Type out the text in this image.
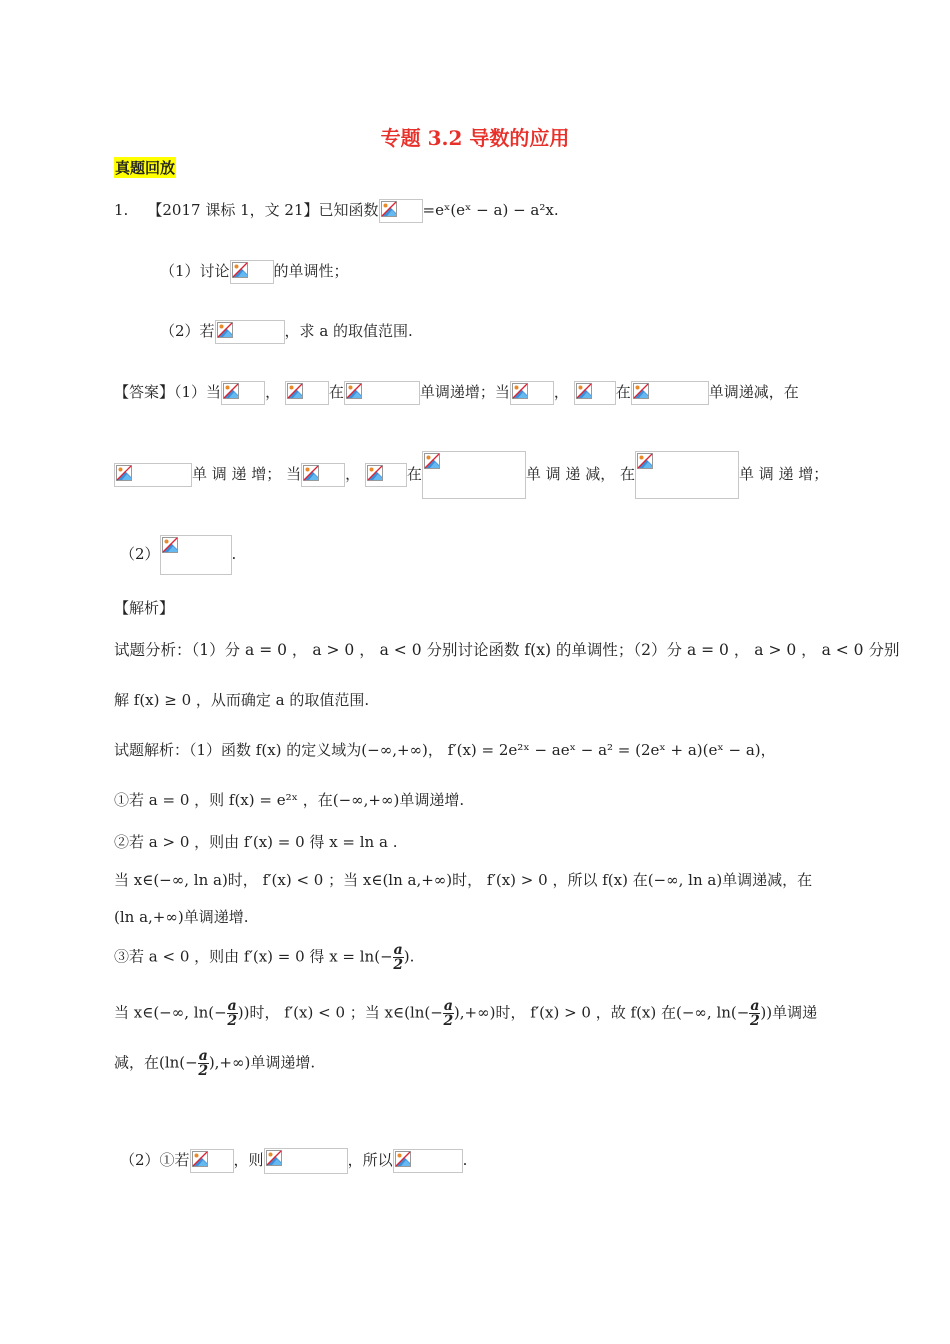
专题 3.2 导数的应用
真题回放
1. 【2017 课标 1，文 21】已知函数	=eˣ(eˣ − a) − a²x.
（1）讨论	的单调性；
（2）若	，求 a 的取值范围.
【答案】（1）当	，	在	单调递增；当	，	在	单调递减，在
单 调 递 增； 当	，	在	单 调 递 减， 在	单 调 递 增；
（2）	.
【解析】
试题分析：（1）分 a = 0 ， a > 0 ， a < 0 分别讨论函数 f(x) 的单调性；（2）分 a = 0 ， a > 0 ， a < 0 分别
解 f(x) ≥ 0 ，从而确定 a 的取值范围.
试题解析：（1）函数 f(x) 的定义域为(−∞,+∞)， f′(x) = 2e²ˣ − aeˣ − a² = (2eˣ + a)(eˣ − a)，
①若 a = 0 ，则 f(x) = e²ˣ ，在(−∞,+∞)单调递增.
②若 a > 0 ，则由 f′(x) = 0 得 x = ln a .
当 x∈(−∞, ln a)时， f′(x) < 0 ；当 x∈(ln a,+∞)时， f′(x) > 0 ，所以 f(x) 在(−∞, ln a)单调递减，在
(ln a,+∞)单调递增.
③若 a < 0 ，则由 f′(x) = 0 得 $x = \ln(- \frac{a}{2}$ ).
当 x∈(−∞, $\ln(- \frac{a}{2}$ ))时， f′(x) < 0 ；当 x∈(ln(− $\frac{a}{2}$ ),+∞)时， f′(x) > 0 ，故 f(x) 在(−∞, $\ln(- \frac{a}{2}$ ))单调递
减，在($\ln(- \frac{a}{2}$ ),+∞)单调递增.
（2）①若	，则	，所以	.
